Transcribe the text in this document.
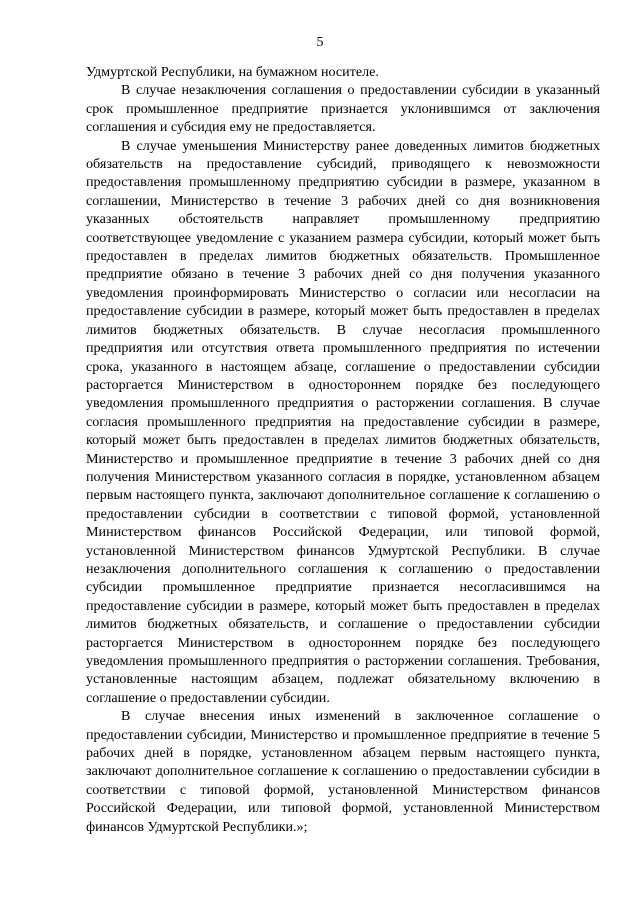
5

Удмуртской Республики, на бумажном носителе.

В случае незаключения соглашения о предоставлении субсидии в указанный срок промышленное предприятие признается уклонившимся от заключения соглашения и субсидия ему не предоставляется.

В случае уменьшения Министерству ранее доведенных лимитов бюджетных обязательств на предоставление субсидий, приводящего к невозможности предоставления промышленному предприятию субсидии в размере, указанном в соглашении, Министерство в течение 3 рабочих дней со дня возникновения указанных обстоятельств направляет промышленному предприятию соответствующее уведомление с указанием размера субсидии, который может быть предоставлен в пределах лимитов бюджетных обязательств. Промышленное предприятие обязано в течение 3 рабочих дней со дня получения указанного уведомления проинформировать Министерство о согласии или несогласии на предоставление субсидии в размере, который может быть предоставлен в пределах лимитов бюджетных обязательств. В случае несогласия промышленного предприятия или отсутствия ответа промышленного предприятия по истечении срока, указанного в настоящем абзаце, соглашение о предоставлении субсидии расторгается Министерством в одностороннем порядке без последующего уведомления промышленного предприятия о расторжении соглашения. В случае согласия промышленного предприятия на предоставление субсидии в размере, который может быть предоставлен в пределах лимитов бюджетных обязательств, Министерство и промышленное предприятие в течение 3 рабочих дней со дня получения Министерством указанного согласия в порядке, установленном абзацем первым настоящего пункта, заключают дополнительное соглашение к соглашению о предоставлении субсидии в соответствии с типовой формой, установленной Министерством финансов Российской Федерации, или типовой формой, установленной Министерством финансов Удмуртской Республики. В случае незаключения дополнительного соглашения к соглашению о предоставлении субсидии промышленное предприятие признается несогласившимся на предоставление субсидии в размере, который может быть предоставлен в пределах лимитов бюджетных обязательств, и соглашение о предоставлении субсидии расторгается Министерством в одностороннем порядке без последующего уведомления промышленного предприятия о расторжении соглашения. Требования, установленные настоящим абзацем, подлежат обязательному включению в соглашение о предоставлении субсидии.

В случае внесения иных изменений в заключенное соглашение о предоставлении субсидии, Министерство и промышленное предприятие в течение 5 рабочих дней в порядке, установленном абзацем первым настоящего пункта, заключают дополнительное соглашение к соглашению о предоставлении субсидии в соответствии с типовой формой, установленной Министерством финансов Российской Федерации, или типовой формой, установленной Министерством финансов Удмуртской Республики.»;
